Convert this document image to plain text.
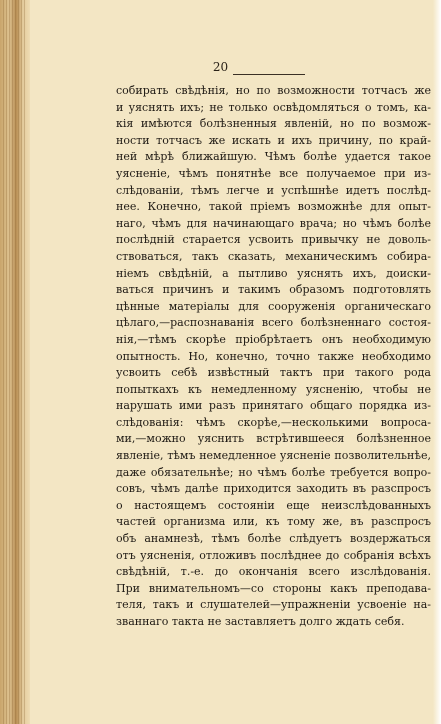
20
собирать свѣдѣнія, но по возможности тотчасъ же
и уяснять ихъ; не только освѣдомляться о томъ, ка-
кія имѣются болѣзненныя явленій, но по возмож-
ности тотчасъ же искать и ихъ причину, по край-
ней мѣрѣ ближайшую. Чѣмъ болѣе удается такое
уясненіе, чѣмъ понятнѣе все получаемое при из-
слѣдованіи, тѣмъ легче и успѣшнѣе идетъ послѣд-
нее. Конечно, такой пріемъ возможнѣе для опыт-
наго, чѣмъ для начинающаго врача; но чѣмъ болѣе
послѣдній старается усвоить привычку не доволь-
ствоваться, такъ сказать, механическимъ собира-
ніемъ свѣдѣній, а пытливо уяснять ихъ, доиски-
ваться причинъ и такимъ образомъ подготовлять
цѣнные матеріалы для сооруженія органическаго
цѣлаго,—распознаванія всего болѣзненнаго состоя-
нія,—тѣмъ скорѣе пріобрѣтаетъ онъ необходимую
опытность. Но, конечно, точно также необходимо
усвоить себѣ извѣстный тактъ при такого рода
попыткахъ къ немедленному уясненію, чтобы не
нарушать ими разъ принятаго общаго порядка из-
слѣдованія: чѣмъ скорѣе,—несколькими вопроса-
ми,—можно уяснить встрѣтившееся болѣзненное
явленіе, тѣмъ немедленное уясненіе позволительнѣе,
даже обязательнѣе; но чѣмъ болѣе требуется вопро-
совъ, чѣмъ далѣе приходится заходить въ разспросъ
о настоящемъ состояніи еще неизслѣдованныхъ
частей организма или, къ тому же, въ разспросъ
объ анамнезѣ, тѣмъ болѣе слѣдуетъ воздержаться
отъ уясненія, отложивъ послѣднее до собранія всѣхъ
свѣдѣній, т.-е. до окончанія всего изслѣдованія.
При внимательномъ—со стороны какъ преподава-
теля, такъ и слушателей—упражненіи усвоеніе на-
званнаго такта не заставляетъ долго ждать себя.
